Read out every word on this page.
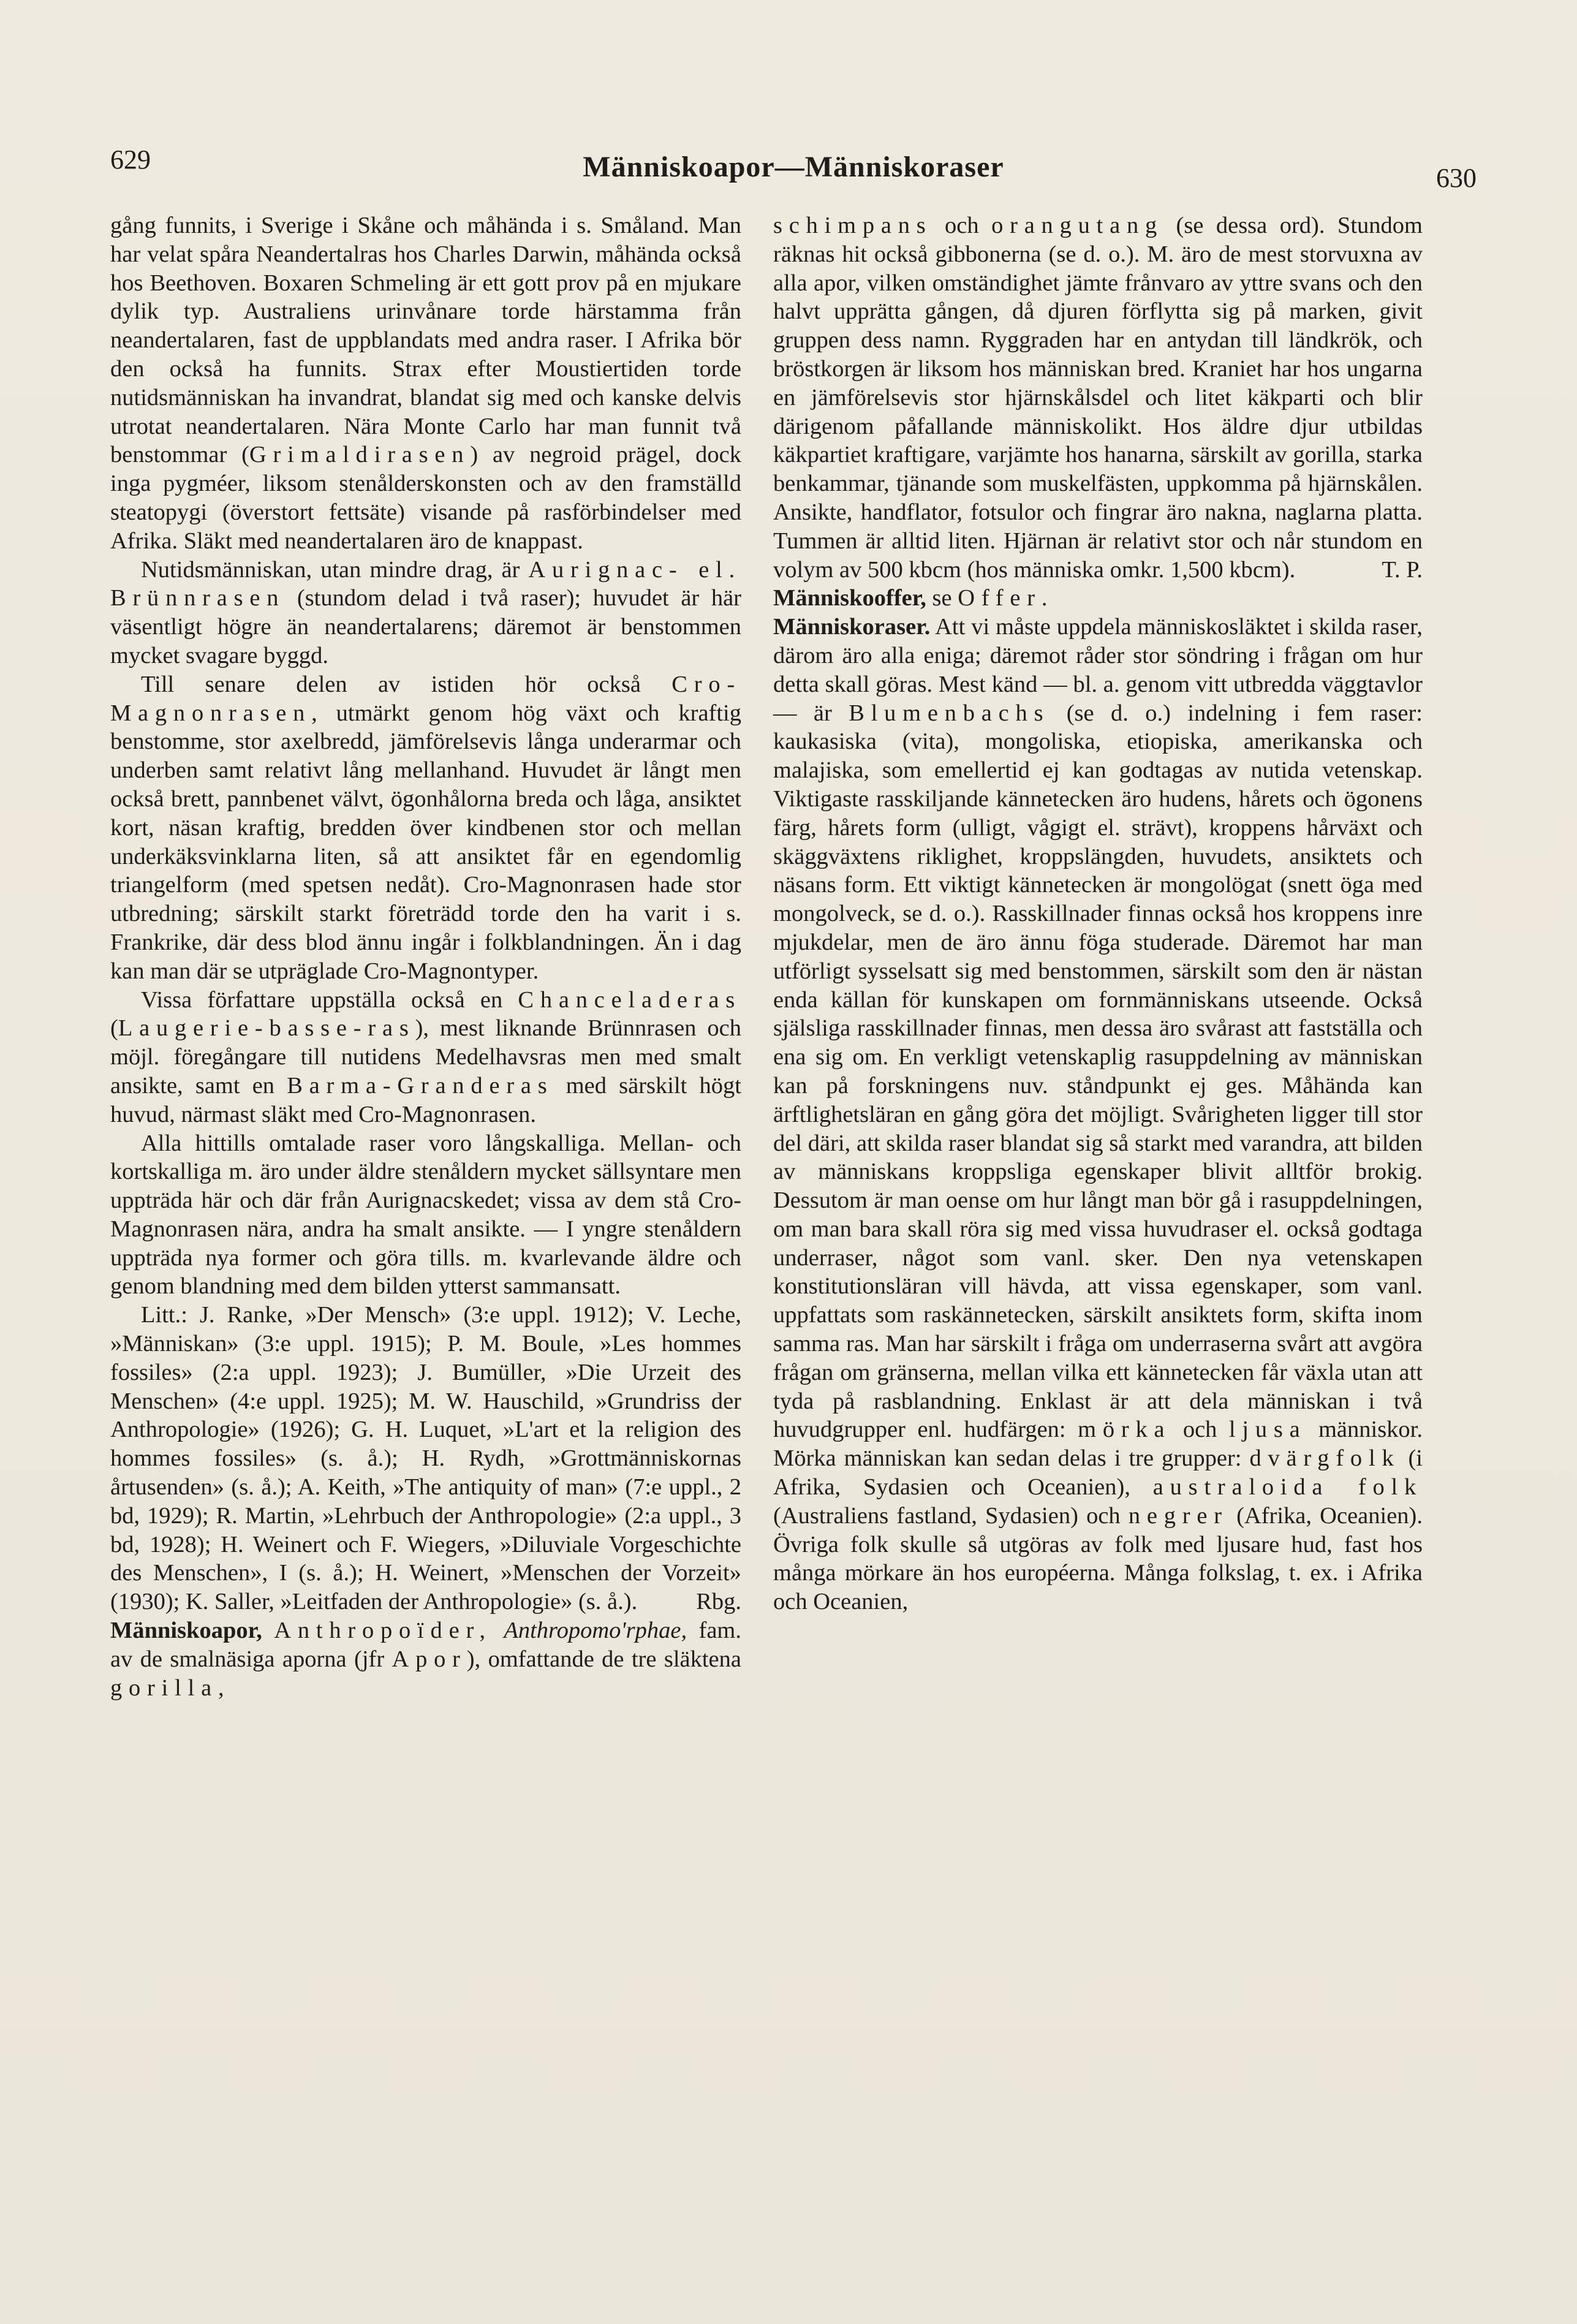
629	Människoapor—Människoraser	630

gång funnits, i Sverige i Skåne och måhända i s. Småland. Man har velat spåra Neandertalras hos Charles Darwin, måhända också hos Beethoven. Boxaren Schmeling är ett gott prov på en mjukare dylik typ. Australiens urinvånare torde härstamma från neandertalaren, fast de uppblandats med andra raser. I Afrika bör den också ha funnits. Strax efter Moustiertiden torde nutidsmänniskan ha invandrat, blandat sig med och kanske delvis utrotat neandertalaren. Nära Monte Carlo har man funnit två benstommar (Grimaldirasen) av negroid prägel, dock inga pygméer, liksom stenålderskonsten och av den framställd steatopygi (överstort fettsäte) visande på rasförbindelser med Afrika. Släkt med neandertalaren äro de knappast.

Nutidsmänniskan, utan mindre drag, är Aurignac- el. Brünnrasen (stundom delad i två raser); huvudet är här väsentligt högre än neandertalarens; däremot är benstommen mycket svagare byggd.

Till senare delen av istiden hör också Cro-Magnonrasen, utmärkt genom hög växt och kraftig benstomme, stor axelbredd, jämförelsevis långa underarmar och underben samt relativt lång mellanhand. Huvudet är långt men också brett, pannbenet välvt, ögonhålorna breda och låga, ansiktet kort, näsan kraftig, bredden över kindbenen stor och mellan underkäksvinklarna liten, så att ansiktet får en egendomlig triangelform (med spetsen nedåt). Cro-Magnonrasen hade stor utbredning; särskilt starkt företrädd torde den ha varit i s. Frankrike, där dess blod ännu ingår i folkblandningen. Än i dag kan man där se utpräglade Cro-Magnontyper.

Vissa författare uppställa också en Chanceladeras (Laugerie-basse-ras), mest liknande Brünnrasen och möjl. föregångare till nutidens Medelhavsras men med smalt ansikte, samt en Barma-Granderas med särskilt högt huvud, närmast släkt med Cro-Magnonrasen.

Alla hittills omtalade raser voro långskalliga. Mellan- och kortskalliga m. äro under äldre stenåldern mycket sällsyntare men uppträda här och där från Aurignacskedet; vissa av dem stå Cro-Magnonrasen nära, andra ha smalt ansikte. — I yngre stenåldern uppträda nya former och göra tills. m. kvarlevande äldre och genom blandning med dem bilden ytterst sammansatt.

Litt.: J. Ranke, »Der Mensch» (3:e uppl. 1912); V. Leche, »Människan» (3:e uppl. 1915); P. M. Boule, »Les hommes fossiles» (2:a uppl. 1923); J. Bumüller, »Die Urzeit des Menschen» (4:e uppl. 1925); M. W. Hauschild, »Grundriss der Anthropologie» (1926); G. H. Luquet, »L'art et la religion des hommes fossiles» (s. å.); H. Rydh, »Grottmänniskornas årtusenden» (s. å.); A. Keith, »The antiquity of man» (7:e uppl., 2 bd, 1929); R. Martin, »Lehrbuch der Anthropologie» (2:a uppl., 3 bd, 1928); H. Weinert och F. Wiegers, »Diluviale Vorgeschichte des Menschen», I (s. å.); H. Weinert, »Menschen der Vorzeit» (1930); K. Saller, »Leitfaden der Anthropologie» (s. å.).	Rbg.

Människoapor, Anthropoïder, Anthropomo'rphae, fam. av de smalnäsiga aporna (jfr Apor), omfattande de tre släktena gorilla,

schimpans och orangutang (se dessa ord). Stundom räknas hit också gibbonerna (se d. o.). M. äro de mest storvuxna av alla apor, vilken omständighet jämte frånvaro av yttre svans och den halvt upprätta gången, då djuren förflytta sig på marken, givit gruppen dess namn. Ryggraden har en antydan till ländkrök, och bröstkorgen är liksom hos människan bred. Kraniet har hos ungarna en jämförelsevis stor hjärnskålsdel och litet käkparti och blir därigenom påfallande människolikt. Hos äldre djur utbildas käkpartiet kraftigare, varjämte hos hanarna, särskilt av gorilla, starka benkammar, tjänande som muskelfästen, uppkomma på hjärnskålen. Ansikte, handflator, fotsulor och fingrar äro nakna, naglarna platta. Tummen är alltid liten. Hjärnan är relativt stor och når stundom en volym av 500 kbcm (hos människa omkr. 1,500 kbcm).	T. P.

Människooffer, se Offer.

Människoraser. Att vi måste uppdela människosläktet i skilda raser, därom äro alla eniga; däremot råder stor söndring i frågan om hur detta skall göras. Mest känd — bl. a. genom vitt utbredda väggtavlor — är Blumenbachs (se d. o.) indelning i fem raser: kaukasiska (vita), mongoliska, etiopiska, amerikanska och malajiska, som emellertid ej kan godtagas av nutida vetenskap. Viktigaste rasskiljande kännetecken äro hudens, hårets och ögonens färg, hårets form (ulligt, vågigt el. strävt), kroppens hårväxt och skäggväxtens riklighet, kroppslängden, huvudets, ansiktets och näsans form. Ett viktigt kännetecken är mongolögat (snett öga med mongolveck, se d. o.). Rasskillnader finnas också hos kroppens inre mjukdelar, men de äro ännu föga studerade. Däremot har man utförligt sysselsatt sig med benstommen, särskilt som den är nästan enda källan för kunskapen om fornmänniskans utseende. Också själsliga rasskillnader finnas, men dessa äro svårast att fastställa och ena sig om. En verkligt vetenskaplig rasuppdelning av människan kan på forskningens nuv. ståndpunkt ej ges. Måhända kan ärftlighetsläran en gång göra det möjligt. Svårigheten ligger till stor del däri, att skilda raser blandat sig så starkt med varandra, att bilden av människans kroppsliga egenskaper blivit alltför brokig. Dessutom är man oense om hur långt man bör gå i rasuppdelningen, om man bara skall röra sig med vissa huvudraser el. också godtaga underraser, något som vanl. sker. Den nya vetenskapen konstitutionsläran vill hävda, att vissa egenskaper, som vanl. uppfattats som raskännetecken, särskilt ansiktets form, skifta inom samma ras. Man har särskilt i fråga om underraserna svårt att avgöra frågan om gränserna, mellan vilka ett kännetecken får växla utan att tyda på rasblandning. Enklast är att dela människan i två huvudgrupper enl. hudfärgen: mörka och ljusa människor. Mörka människan kan sedan delas i tre grupper: dvärgfolk (i Afrika, Sydasien och Oceanien), australoida folk (Australiens fastland, Sydasien) och negrer (Afrika, Oceanien). Övriga folk skulle så utgöras av folk med ljusare hud, fast hos många mörkare än hos européerna. Många folkslag, t. ex. i Afrika och Oceanien,
